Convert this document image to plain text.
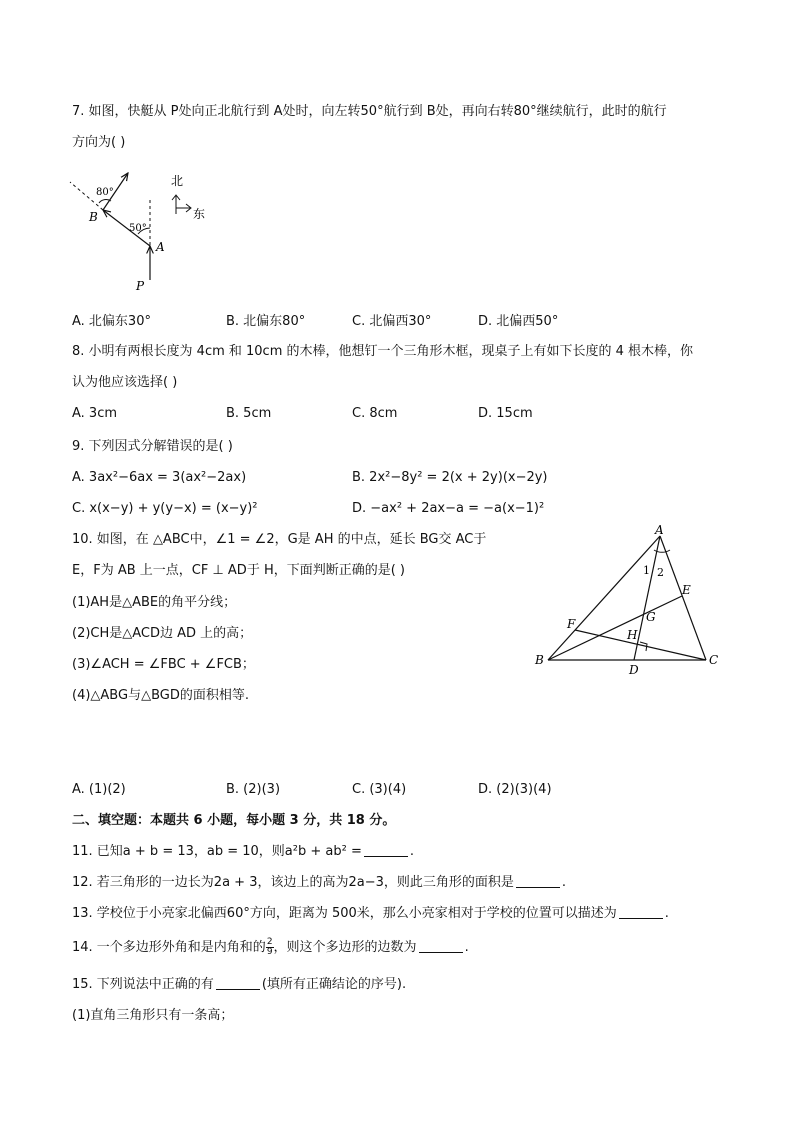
7. 如图，快艇从 P处向正北航行到 A处时，向左转50°航行到 B处，再向右转80°继续航行，此时的航行
方向为( )
北
东
80°
50°
B
A
P
A. 北偏东30°	B. 北偏东80°	C. 北偏西30°	D. 北偏西50°
8. 小明有两根长度为 4cm 和 10cm 的木棒，他想钉一个三角形木框，现桌子上有如下长度的 4 根木棒，你
认为他应该选择( )
A. 3cm	B. 5cm	C. 8cm	D. 15cm
9. 下列因式分解错误的是( )
A. 3ax²−6ax = 3(ax²−2ax)	B. 2x²−8y² = 2(x + 2y)(x−2y)
C. x(x−y) + y(y−x) = (x−y)²	D. −ax² + 2ax−a = −a(x−1)²
10. 如图，在 △ABC中，∠1 = ∠2，G是 AH 的中点，延长 BG交 AC于
E，F为 AB 上一点，CF ⊥ AD于 H，下面判断正确的是( )
(1)AH是△ABE的角平分线；
(2)CH是△ACD边 AD 上的高；
(3)∠ACH = ∠FBC + ∠FCB；
(4)△ABG与△BGD的面积相等.
A
B	C
D
E
F	G
H
1 2
A. (1)(2)	B. (2)(3)	C. (3)(4)	D. (2)(3)(4)
二、填空题：本题共 6 小题，每小题 3 分，共 18 分。
11. 已知a + b = 13，ab = 10，则a²b + ab² =	.
12. 若三角形的一边长为2a + 3，该边上的高为2a−3，则此三角形的面积是	.
13. 学校位于小亮家北偏西60°方向，距离为 500米，那么小亮家相对于学校的位置可以描述为	.
14. 一个多边形外角和是内角和的 $\frac{2}{9}$ ，则这个多边形的边数为	.
15. 下列说法中正确的有	(填所有正确结论的序号).
(1)直角三角形只有一条高；
